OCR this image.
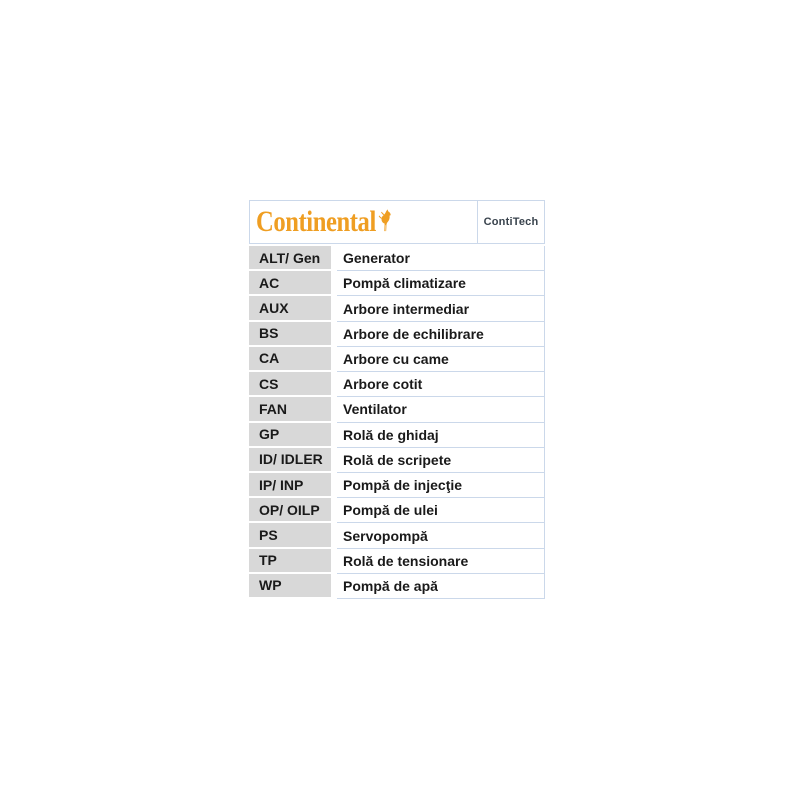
Continental	ContiTech
ALT/ Gen	Generator
AC	Pompă climatizare
AUX	Arbore intermediar
BS	Arbore de echilibrare
CA	Arbore cu came
CS	Arbore cotit
FAN	Ventilator
GP	Rolă de ghidaj
ID/ IDLER	Rolă de scripete
IP/ INP	Pompă de injecţie
OP/ OILP	Pompă de ulei
PS	Servopompă
TP	Rolă de tensionare
WP	Pompă de apă
